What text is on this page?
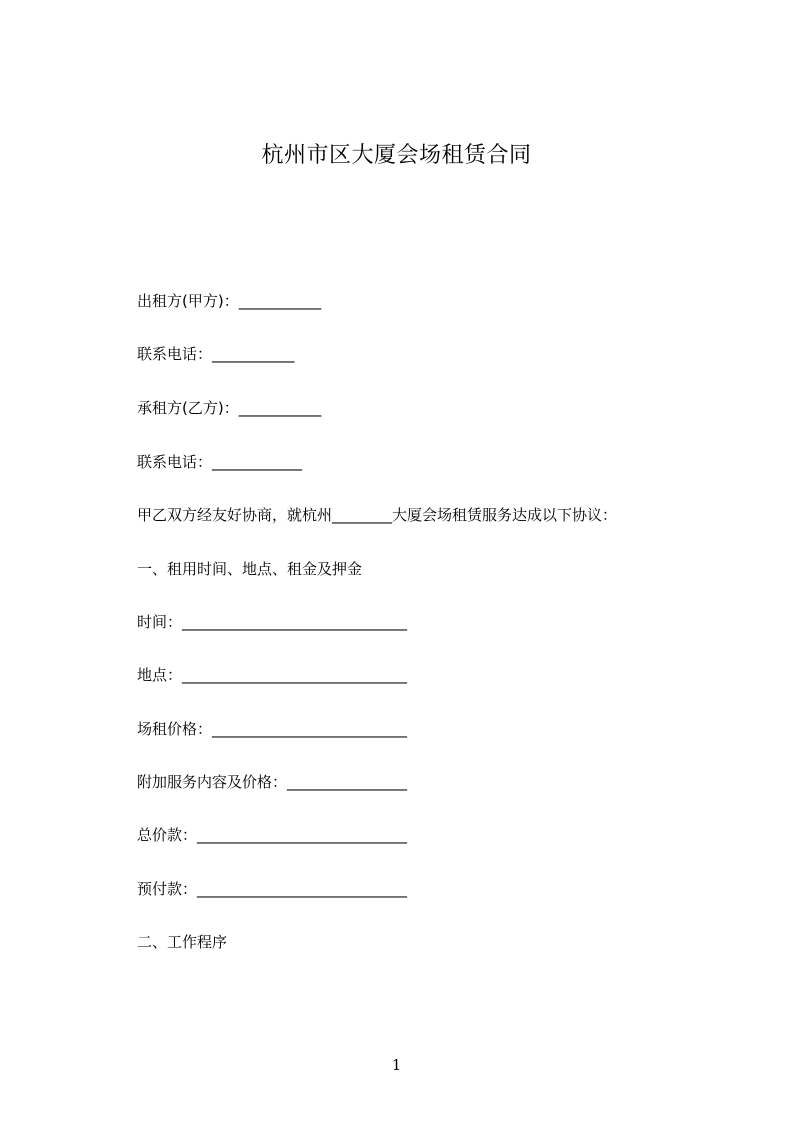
杭州市区大厦会场租赁合同
出租方(甲方)：___________
联系电话：___________
承租方(乙方)：___________
联系电话：____________
甲乙双方经友好协商，就杭州________大厦会场租赁服务达成以下协议：
一、租用时间、地点、租金及押金
时间：______________________________
地点：______________________________
场租价格：__________________________
附加服务内容及价格：________________
总价款：____________________________
预付款：____________________________
二、工作程序
1
